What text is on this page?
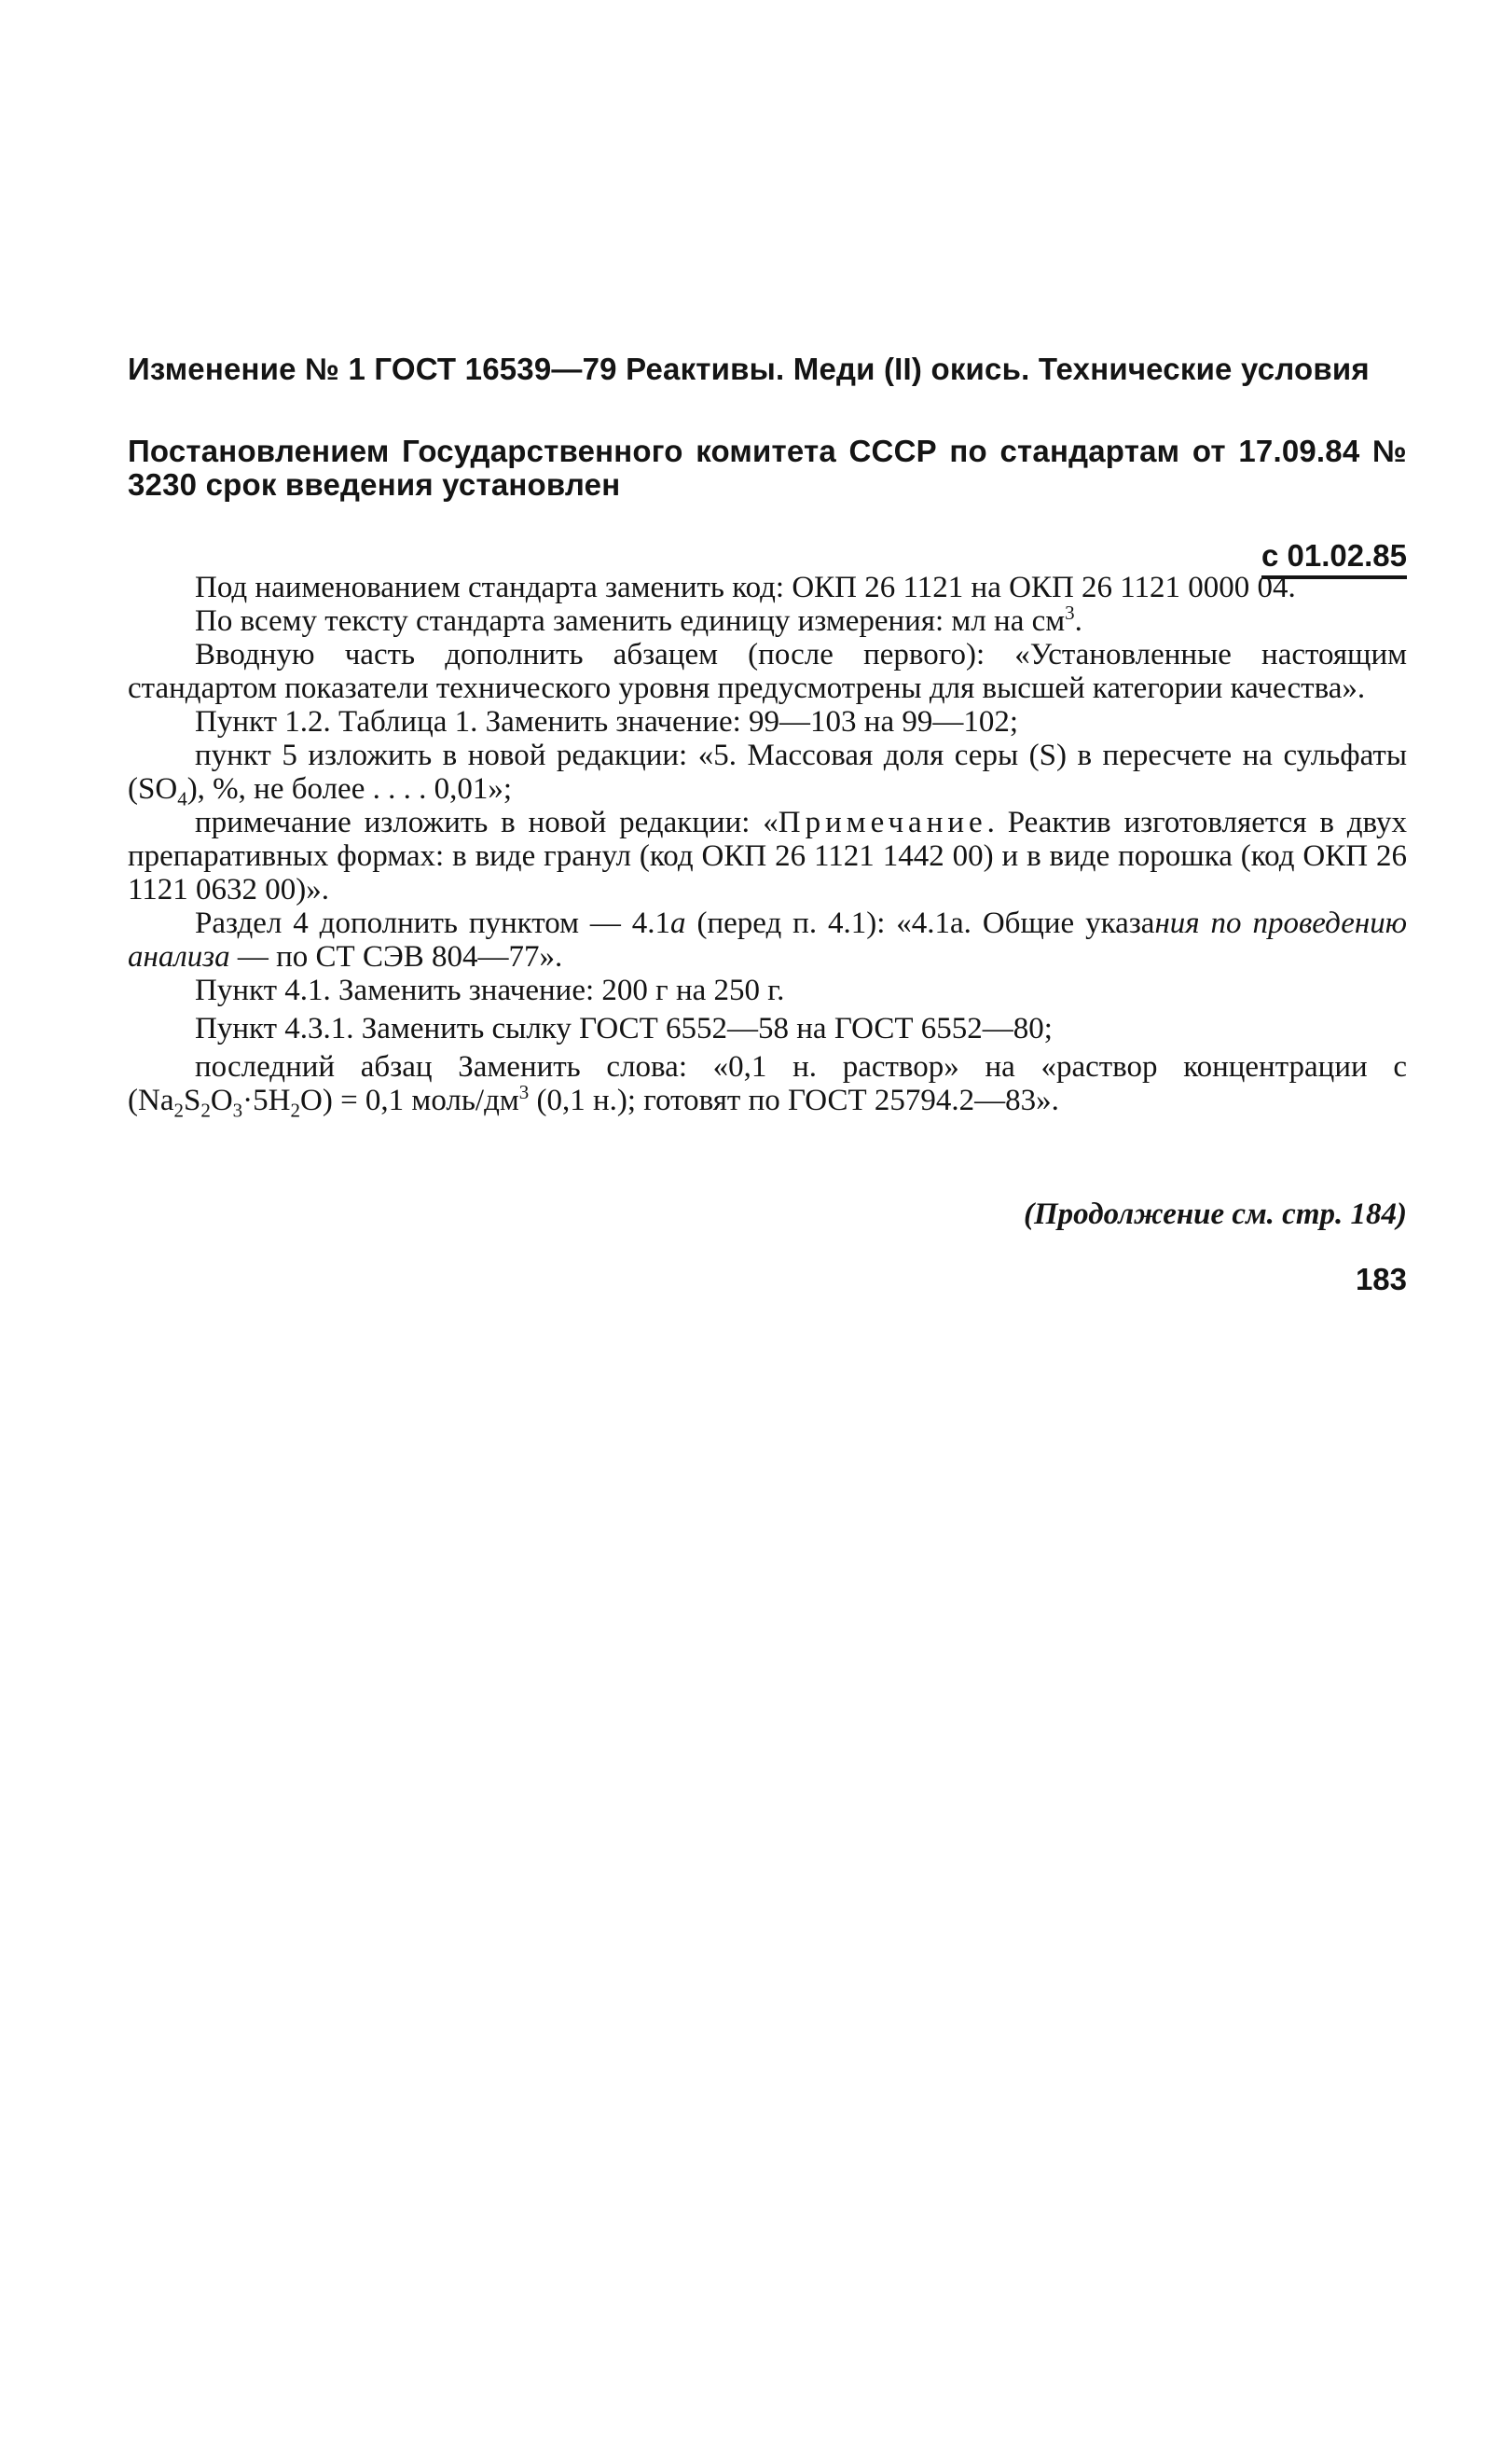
Изменение № 1 ГОСТ 16539—79 Реактивы. Меди (II) окись. Технические условия
Постановлением Государственного комитета СССР по стандартам от 17.09.84 № 3230 срок введения установлен
с 01.02.85

Под наименованием стандарта заменить код: ОКП 26 1121 на ОКП 26 1121 0000 04.

По всему тексту стандарта заменить единицу измерения: мл на $см^3$.

Вводную часть дополнить абзацем (после первого): «Установленные настоящим стандартом показатели технического уровня предусмотрены для высшей категории качества».

Пункт 1.2. Таблица 1. Заменить значение: 99—103 на 99—102;

пункт 5 изложить в новой редакции: «5. Массовая доля серы (S) в пересчете на сульфаты $(SO_4)$, %, не более . . . . 0,01»;

примечание изложить в новой редакции: «Примечание. Реактив изготовляется в двух препаративных формах: в виде гранул (код ОКП 26 1121 1442 00) и в виде порошка (код ОКП 26 1121 0632 00)».

Раздел 4 дополнить пунктом — 4.1а (перед п. 4.1): «4.1а. Общие указания по проведению анализа — по СТ СЭВ 804—77».

Пункт 4.1. Заменить значение: 200 г на 250 г.

Пункт 4.3.1. Заменить сылку ГОСТ 6552—58 на ГОСТ 6552—80;

последний абзац Заменить слова: «0,1 н. раствор» на «раствор концентрации с $(Na_2S_2O_3\cdot 5H_2O) = 0,1$ моль/$дм^3$ (0,1 н.); готовят по ГОСТ 25794.2—83».

(Продолжение см. стр. 184)
183
